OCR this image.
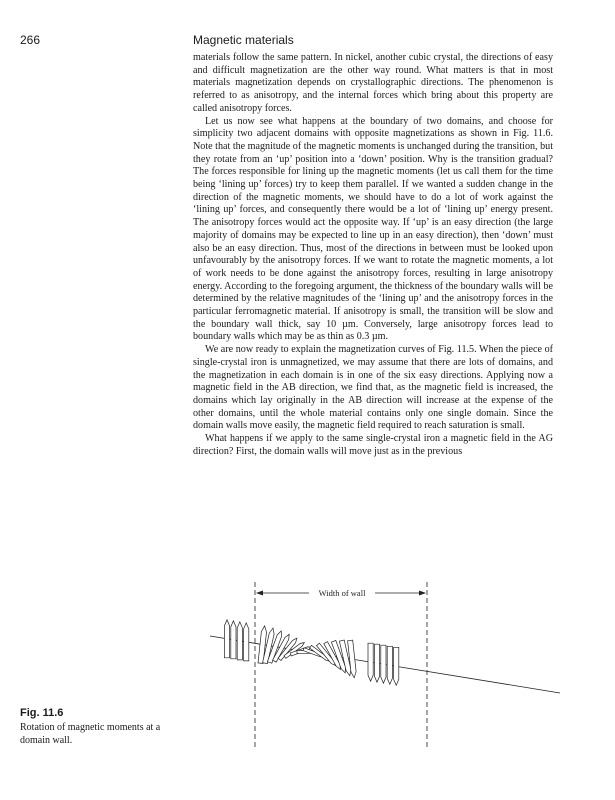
266	Magnetic materials

materials follow the same pattern. In nickel, another cubic crystal, the directions of easy and difficult magnetization are the other way round. What matters is that in most materials magnetization depends on crystallographic directions. The phenomenon is referred to as anisotropy, and the internal forces which bring about this property are called anisotropy forces.

Let us now see what happens at the boundary of two domains, and choose for simplicity two adjacent domains with opposite magnetizations as shown in Fig. 11.6. Note that the magnitude of the magnetic moments is unchanged during the transition, but they rotate from an ‘up’ position into a ‘down’ position. Why is the transition gradual? The forces responsible for lining up the magnetic moments (let us call them for the time being ‘lining up’ forces) try to keep them parallel. If we wanted a sudden change in the direction of the magnetic moments, we should have to do a lot of work against the ‘lining up’ forces, and consequently there would be a lot of ‘lining up’ energy present. The anisotropy forces would act the opposite way. If ‘up’ is an easy direction (the large majority of domains may be expected to line up in an easy direction), then ‘down’ must also be an easy direction. Thus, most of the directions in between must be looked upon unfavourably by the anisotropy forces. If we want to rotate the magnetic moments, a lot of work needs to be done against the anisotropy forces, resulting in large anisotropy energy. According to the foregoing argument, the thickness of the boundary walls will be determined by the relative magnitudes of the ‘lining up’ and the anisotropy forces in the particular ferromagnetic material. If anisotropy is small, the transition will be slow and the boundary wall thick, say 10 µm. Conversely, large anisotropy forces lead to boundary walls which may be as thin as 0.3 µm.

We are now ready to explain the magnetization curves of Fig. 11.5. When the piece of single-crystal iron is unmagnetized, we may assume that there are lots of domains, and the magnetization in each domain is in one of the six easy directions. Applying now a magnetic field in the AB direction, we find that, as the magnetic field is increased, the domains which lay originally in the AB direction will increase at the expense of the other domains, until the whole material contains only one single domain. Since the domain walls move easily, the magnetic field required to reach saturation is small.

What happens if we apply to the same single-crystal iron a magnetic field in the AG direction? First, the domain walls will move just as in the previous

Width of wall
Fig. 11.6
Rotation of magnetic moments at a domain wall.
